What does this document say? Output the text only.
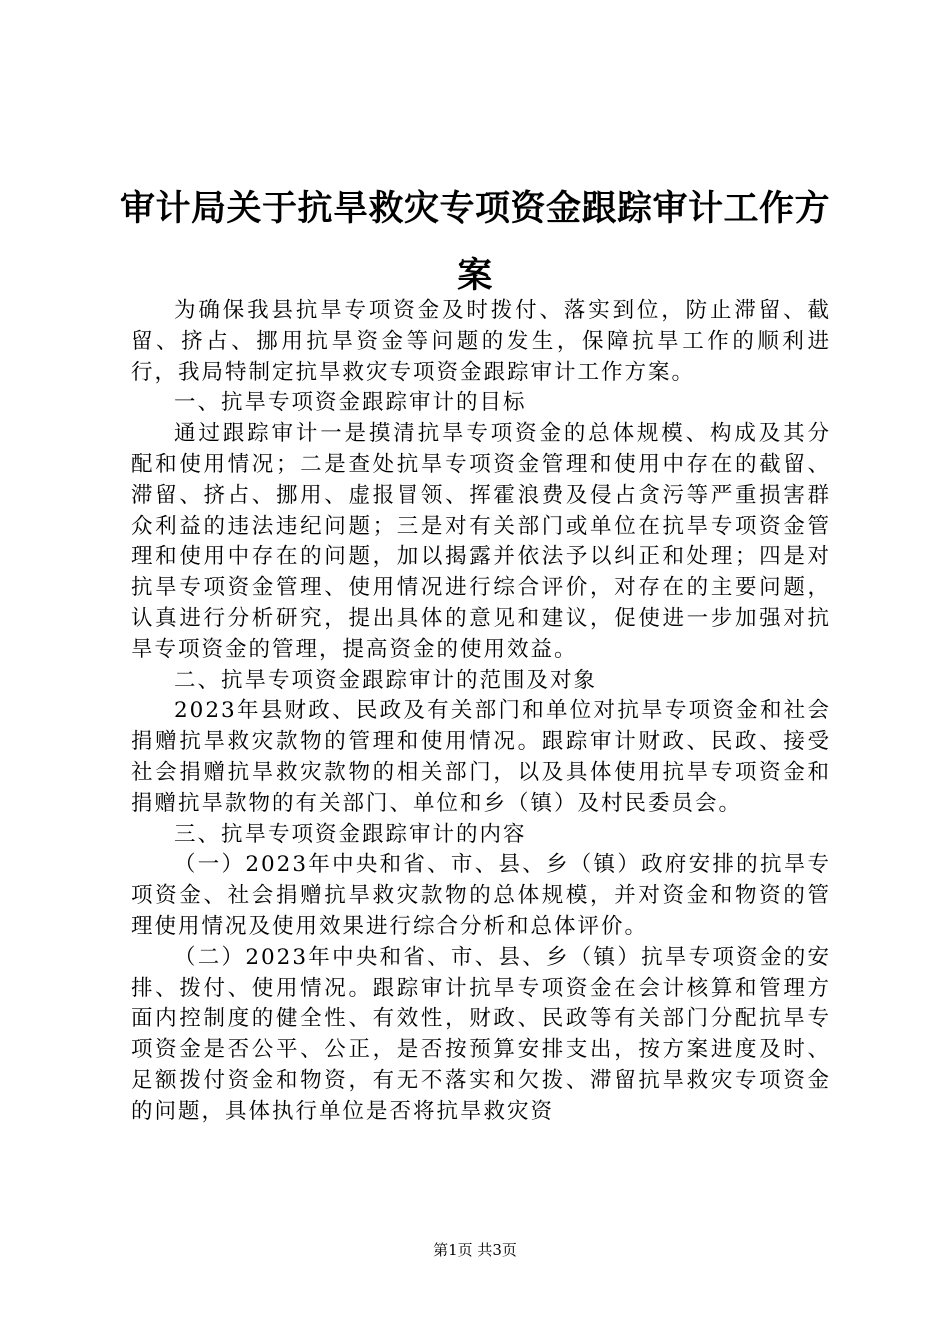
审计局关于抗旱救灾专项资金跟踪审计工作方案

为确保我县抗旱专项资金及时拨付、落实到位，防止滞留、截留、挤占、挪用抗旱资金等问题的发生，保障抗旱工作的顺利进行，我局特制定抗旱救灾专项资金跟踪审计工作方案。

一、抗旱专项资金跟踪审计的目标

通过跟踪审计一是摸清抗旱专项资金的总体规模、构成及其分配和使用情况；二是查处抗旱专项资金管理和使用中存在的截留、滞留、挤占、挪用、虚报冒领、挥霍浪费及侵占贪污等严重损害群众利益的违法违纪问题；三是对有关部门或单位在抗旱专项资金管理和使用中存在的问题，加以揭露并依法予以纠正和处理；四是对抗旱专项资金管理、使用情况进行综合评价，对存在的主要问题，认真进行分析研究，提出具体的意见和建议，促使进一步加强对抗旱专项资金的管理，提高资金的使用效益。

二、抗旱专项资金跟踪审计的范围及对象

2023年县财政、民政及有关部门和单位对抗旱专项资金和社会捐赠抗旱救灾款物的管理和使用情况。跟踪审计财政、民政、接受社会捐赠抗旱救灾款物的相关部门，以及具体使用抗旱专项资金和捐赠抗旱款物的有关部门、单位和乡（镇）及村民委员会。

三、抗旱专项资金跟踪审计的内容

（一）2023年中央和省、市、县、乡（镇）政府安排的抗旱专项资金、社会捐赠抗旱救灾款物的总体规模，并对资金和物资的管理使用情况及使用效果进行综合分析和总体评价。

（二）2023年中央和省、市、县、乡（镇）抗旱专项资金的安排、拨付、使用情况。跟踪审计抗旱专项资金在会计核算和管理方面内控制度的健全性、有效性，财政、民政等有关部门分配抗旱专项资金是否公平、公正，是否按预算安排支出，按方案进度及时、足额拨付资金和物资，有无不落实和欠拨、滞留抗旱救灾专项资金的问题，具体执行单位是否将抗旱救灾资

第1页 共3页
